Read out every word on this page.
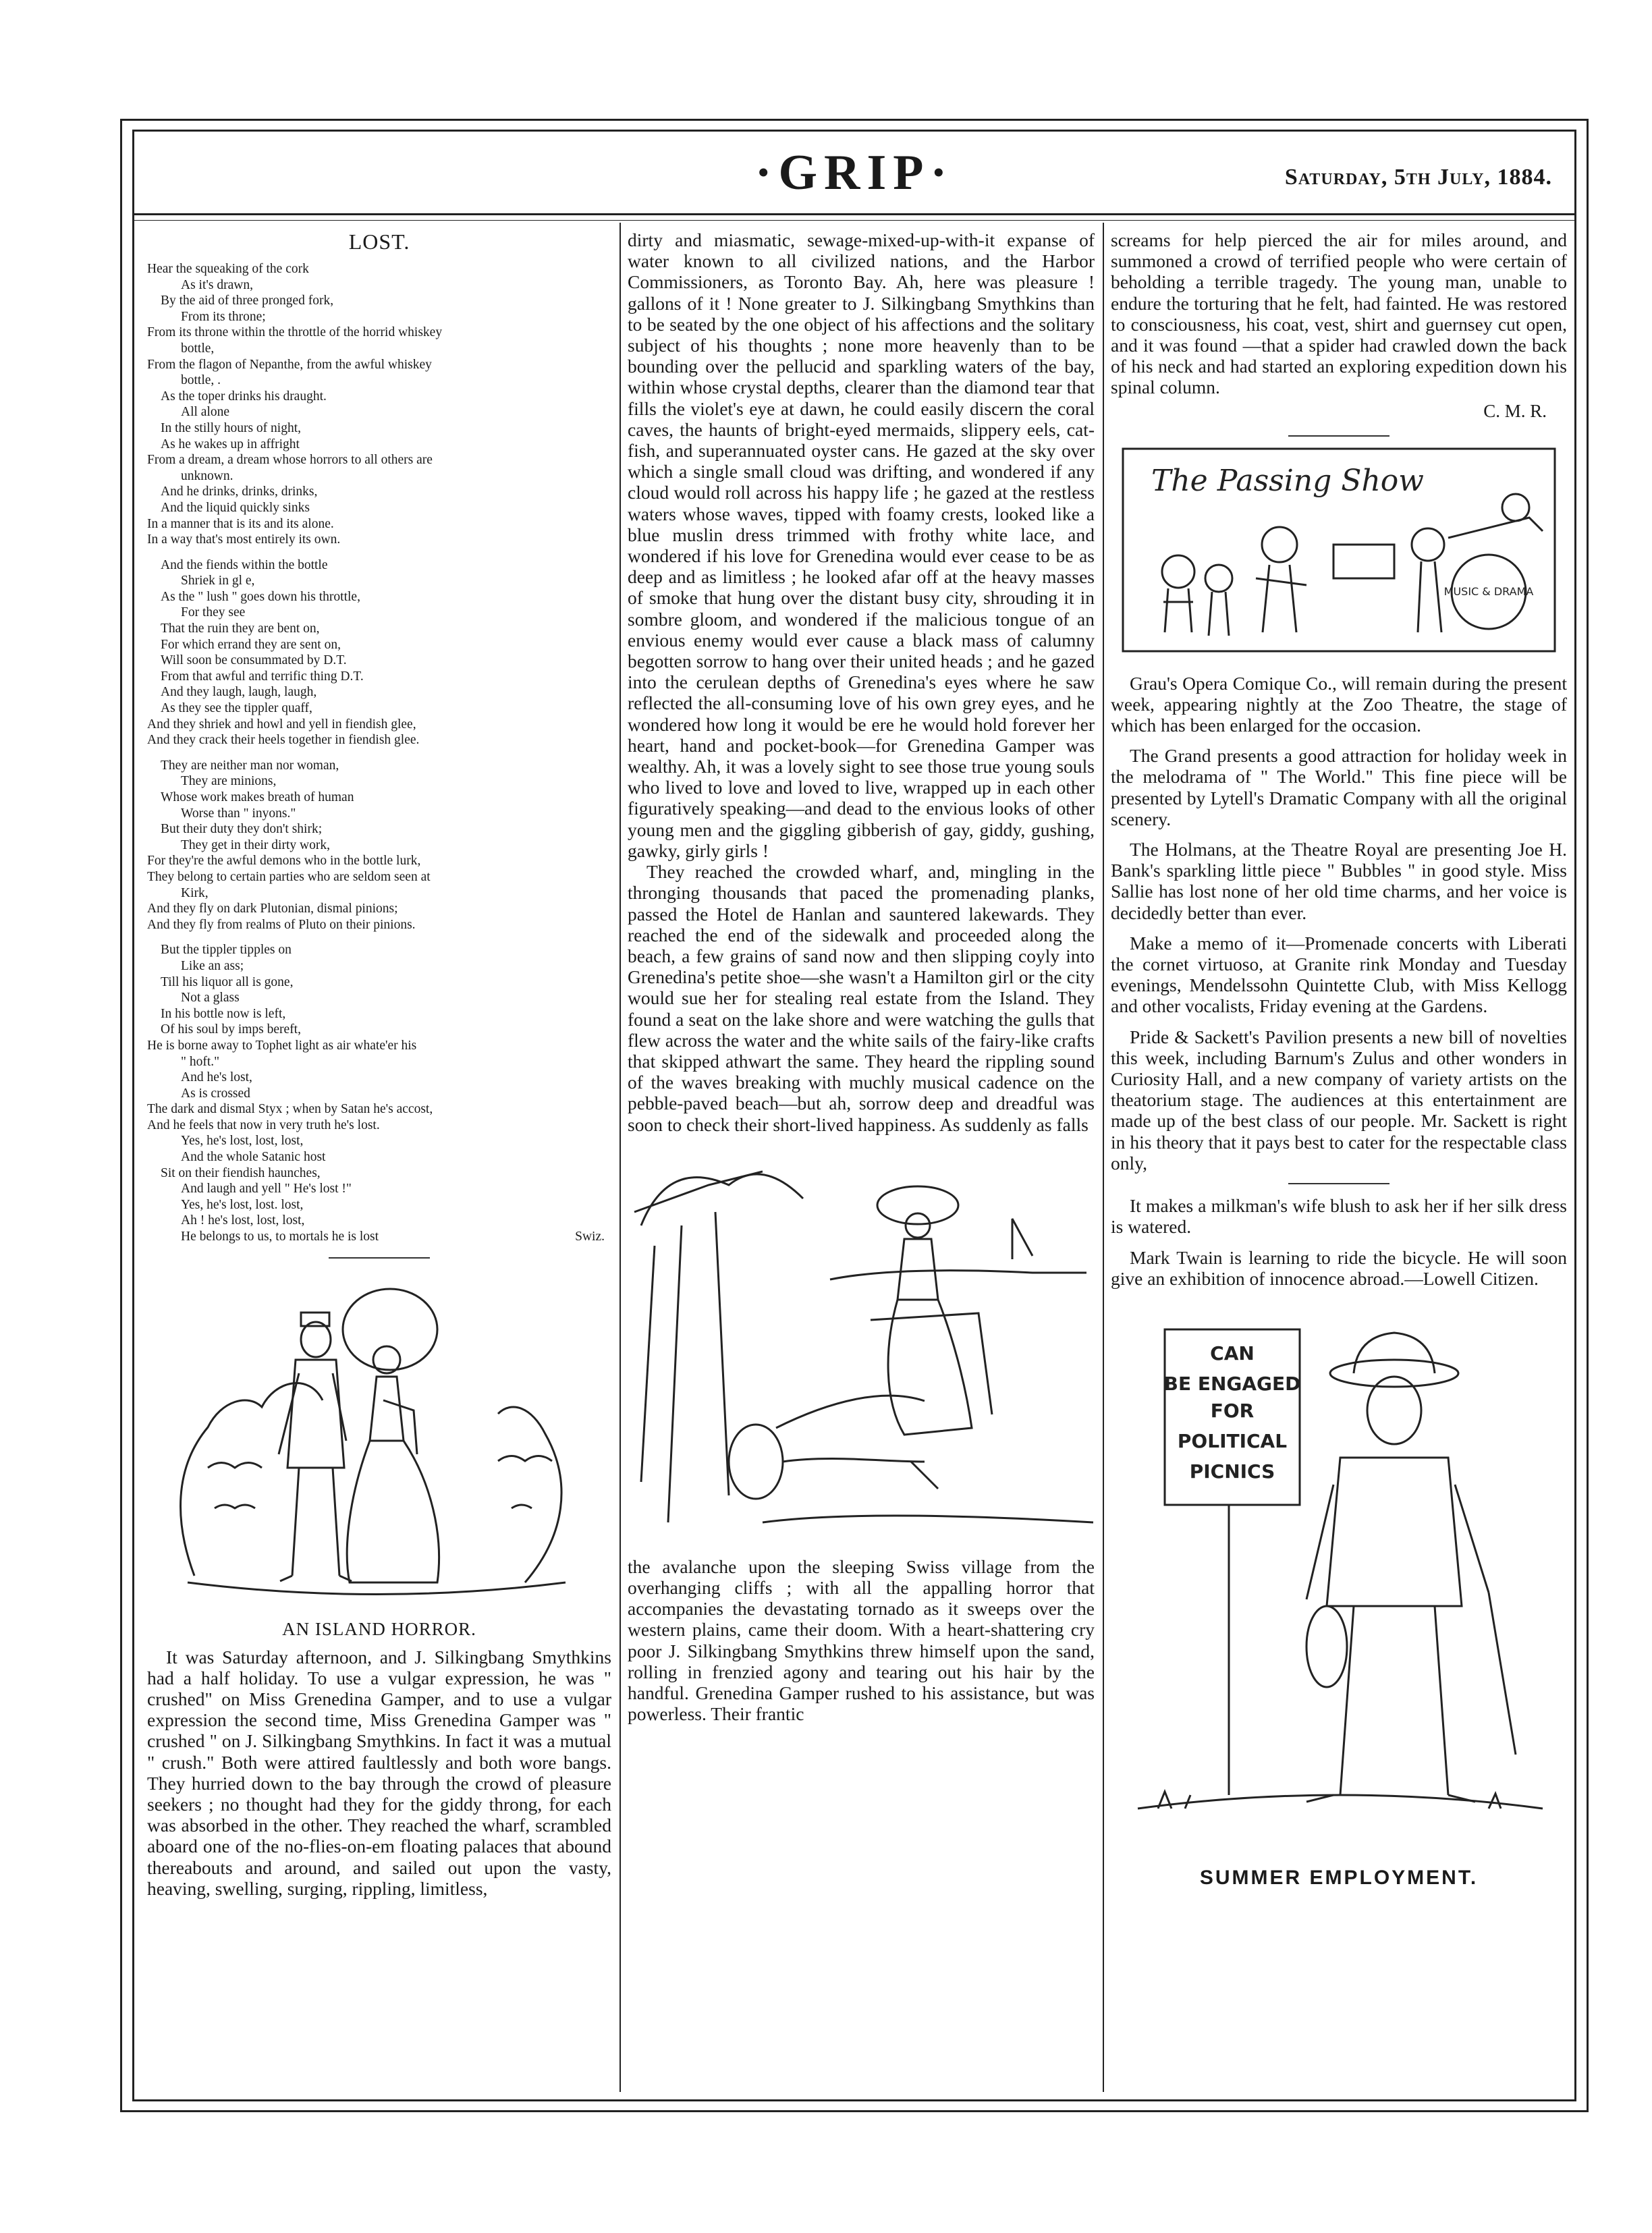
·GRIP·	Saturday, 5th July, 1884.
LOST.
Hear the squeaking of the cork
As it's drawn,
By the aid of three pronged fork,
From its throne;
From its throne within the throttle of the horrid whiskey
bottle,
From the flagon of Nepanthe, from the awful whiskey
bottle, .
As the toper drinks his draught.
All alone
In the stilly hours of night,
As he wakes up in affright
From a dream, a dream whose horrors to all others are
unknown.
And he drinks, drinks, drinks,
And the liquid quickly sinks
In a manner that is its and its alone.
In a way that's most entirely its own.
And the fiends within the bottle
Shriek in gl e,
As the " lush " goes down his throttle,
For they see
That the ruin they are bent on,
For which errand they are sent on,
Will soon be consummated by D.T.
From that awful and terrific thing D.T.
And they laugh, laugh, laugh,
As they see the tippler quaff,
And they shriek and howl and yell in fiendish glee,
And they crack their heels together in fiendish glee.
They are neither man nor woman,
They are minions,
Whose work makes breath of human
Worse than " inyons."
But their duty they don't shirk;
They get in their dirty work,
For they're the awful demons who in the bottle lurk,
They belong to certain parties who are seldom seen at
Kirk,
And they fly on dark Plutonian, dismal pinions;
And they fly from realms of Pluto on their pinions.
But the tippler tipples on
Like an ass;
Till his liquor all is gone,
Not a glass
In his bottle now is left,
Of his soul by imps bereft,
He is borne away to Tophet light as air whate'er his
" hoft."
And he's lost,
As is crossed
The dark and dismal Styx ; when by Satan he's accost,
And he feels that now in very truth he's lost.
Yes, he's lost, lost, lost,
And the whole Satanic host
Sit on their fiendish haunches,
And laugh and yell " He's lost !"
Yes, he's lost, lost. lost,
Ah ! he's lost, lost, lost,
He belongs to us, to mortals he is lost	Swiz.
AN ISLAND HORROR.

It was Saturday afternoon, and J. Silkingbang Smythkins had a half holiday. To use a vulgar expression, he was " crushed" on Miss Grenedina Gamper, and to use a vulgar expression the second time, Miss Grenedina Gamper was " crushed " on J. Silkingbang Smythkins. In fact it was a mutual " crush." Both were attired faultlessly and both wore bangs. They hurried down to the bay through the crowd of pleasure seekers ; no thought had they for the giddy throng, for each was absorbed in the other. They reached the wharf, scrambled aboard one of the no-flies-on-em floating palaces that abound thereabouts and around, and sailed out upon the vasty, heaving, swelling, surging, rippling, limitless,

dirty and miasmatic, sewage-mixed-up-with-it expanse of water known to all civilized nations, and the Harbor Commissioners, as Toronto Bay. Ah, here was pleasure ! gallons of it ! None greater to J. Silkingbang Smythkins than to be seated by the one object of his affections and the solitary subject of his thoughts ; none more heavenly than to be bounding over the pellucid and sparkling waters of the bay, within whose crystal depths, clearer than the diamond tear that fills the violet's eye at dawn, he could easily discern the coral caves, the haunts of bright-eyed mermaids, slippery eels, cat-fish, and superannuated oyster cans. He gazed at the sky over which a single small cloud was drifting, and wondered if any cloud would roll across his happy life ; he gazed at the restless waters whose waves, tipped with foamy crests, looked like a blue muslin dress trimmed with frothy white lace, and wondered if his love for Grenedina would ever cease to be as deep and as limitless ; he looked afar off at the heavy masses of smoke that hung over the distant busy city, shrouding it in sombre gloom, and wondered if the malicious tongue of an envious enemy would ever cause a black mass of calumny begotten sorrow to hang over their united heads ; and he gazed into the cerulean depths of Grenedina's eyes where he saw reflected the all-consuming love of his own grey eyes, and he wondered how long it would be ere he would hold forever her heart, hand and pocket-book—for Grenedina Gamper was wealthy. Ah, it was a lovely sight to see those true young souls who lived to love and loved to live, wrapped up in each other figuratively speaking—and dead to the envious looks of other young men and the giggling gibberish of gay, giddy, gushing, gawky, girly girls !

They reached the crowded wharf, and, mingling in the thronging thousands that paced the promenading planks, passed the Hotel de Hanlan and sauntered lakewards. They reached the end of the sidewalk and proceeded along the beach, a few grains of sand now and then slipping coyly into Grenedina's petite shoe—she wasn't a Hamilton girl or the city would sue her for stealing real estate from the Island. They found a seat on the lake shore and were watching the gulls that flew across the water and the white sails of the fairy-like crafts that skipped athwart the same. They heard the rippling sound of the waves breaking with muchly musical cadence on the pebble-paved beach—but ah, sorrow deep and dreadful was soon to check their short-lived happiness. As suddenly as falls

the avalanche upon the sleeping Swiss village from the overhanging cliffs ; with all the appalling horror that accompanies the devastating tornado as it sweeps over the western plains, came their doom. With a heart-shattering cry poor J. Silkingbang Smythkins threw himself upon the sand, rolling in frenzied agony and tearing out his hair by the handful. Grenedina Gamper rushed to his assistance, but was powerless. Their frantic

screams for help pierced the air for miles around, and summoned a crowd of terrified people who were certain of beholding a terrible tragedy. The young man, unable to endure the torturing that he felt, had fainted. He was restored to consciousness, his coat, vest, shirt and guernsey cut open, and it was found —that a spider had crawled down the back of his neck and had started an exploring expedition down his spinal column.

C. M. R.
The Passing Show
MUSIC & DRAMA

Grau's Opera Comique Co., will remain during the present week, appearing nightly at the Zoo Theatre, the stage of which has been enlarged for the occasion.

The Grand presents a good attraction for holiday week in the melodrama of " The World." This fine piece will be presented by Lytell's Dramatic Company with all the original scenery.

The Holmans, at the Theatre Royal are presenting Joe H. Bank's sparkling little piece " Bubbles " in good style. Miss Sallie has lost none of her old time charms, and her voice is decidedly better than ever.

Make a memo of it—Promenade concerts with Liberati the cornet virtuoso, at Granite rink Monday and Tuesday evenings, Mendelssohn Quintette Club, with Miss Kellogg and other vocalists, Friday evening at the Gardens.

Pride & Sackett's Pavilion presents a new bill of novelties this week, including Barnum's Zulus and other wonders in Curiosity Hall, and a new company of variety artists on the theatorium stage. The audiences at this entertainment are made up of the best class of our people. Mr. Sackett is right in his theory that it pays best to cater for the respectable class only,

It makes a milkman's wife blush to ask her if her silk dress is watered.

Mark Twain is learning to ride the bicycle. He will soon give an exhibition of innocence abroad.—Lowell Citizen.

CAN
BE ENGAGED
FOR
POLITICAL
PICNICS
SUMMER EMPLOYMENT.
